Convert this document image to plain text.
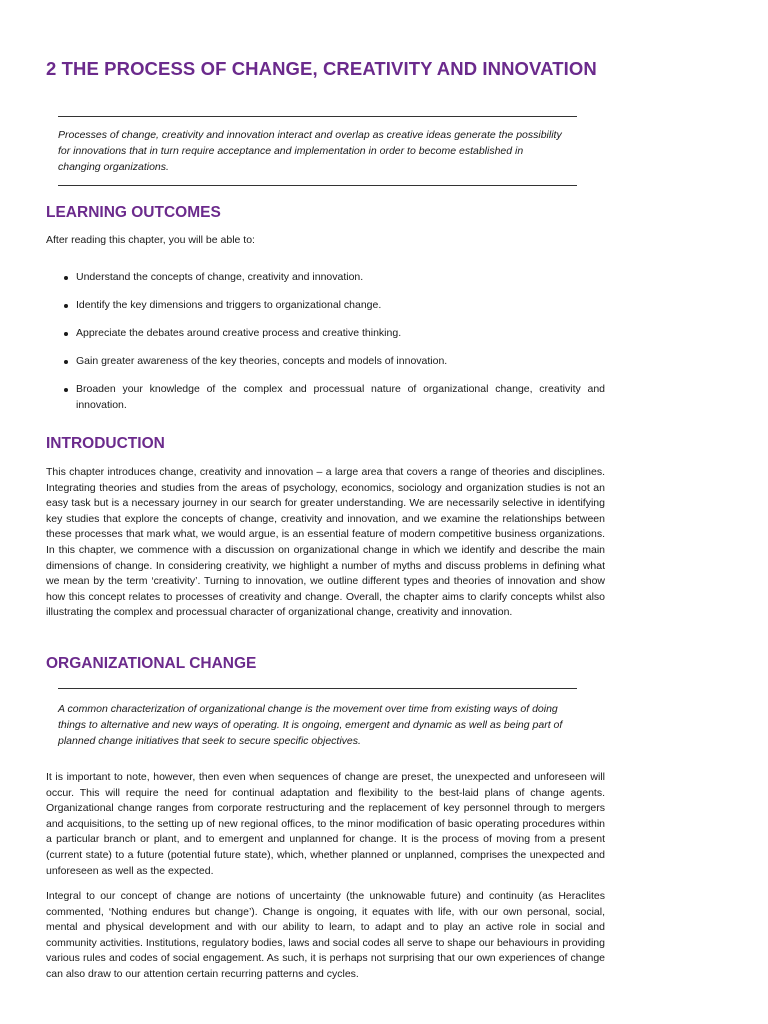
2 THE PROCESS OF CHANGE, CREATIVITY AND INNOVATION

Processes of change, creativity and innovation interact and overlap as creative ideas generate the possibility for innovations that in turn require acceptance and implementation in order to become established in changing organizations.

LEARNING OUTCOMES

After reading this chapter, you will be able to:

Understand the concepts of change, creativity and innovation.
Identify the key dimensions and triggers to organizational change.
Appreciate the debates around creative process and creative thinking.
Gain greater awareness of the key theories, concepts and models of innovation.
Broaden your knowledge of the complex and processual nature of organizational change, creativity and innovation.
INTRODUCTION

This chapter introduces change, creativity and innovation – a large area that covers a range of theories and disciplines. Integrating theories and studies from the areas of psychology, economics, sociology and organization studies is not an easy task but is a necessary journey in our search for greater understanding. We are necessarily selective in identifying key studies that explore the concepts of change, creativity and innovation, and we examine the relationships between these processes that mark what, we would argue, is an essential feature of modern competitive business organizations. In this chapter, we commence with a discussion on organizational change in which we identify and describe the main dimensions of change. In considering creativity, we highlight a number of myths and discuss problems in defining what we mean by the term ‘creativity’. Turning to innovation, we outline different types and theories of innovation and show how this concept relates to processes of creativity and change. Overall, the chapter aims to clarify concepts whilst also illustrating the complex and processual character of organizational change, creativity and innovation.

ORGANIZATIONAL CHANGE

A common characterization of organizational change is the movement over time from existing ways of doing things to alternative and new ways of operating. It is ongoing, emergent and dynamic as well as being part of planned change initiatives that seek to secure specific objectives.

It is important to note, however, then even when sequences of change are preset, the unexpected and unforeseen will occur. This will require the need for continual adaptation and flexibility to the best-laid plans of change agents. Organizational change ranges from corporate restructuring and the replacement of key personnel through to mergers and acquisitions, to the setting up of new regional offices, to the minor modification of basic operating procedures within a particular branch or plant, and to emergent and unplanned for change. It is the process of moving from a present (current state) to a future (potential future state), which, whether planned or unplanned, comprises the unexpected and unforeseen as well as the expected.

Integral to our concept of change are notions of uncertainty (the unknowable future) and continuity (as Heraclites commented, ‘Nothing endures but change’). Change is ongoing, it equates with life, with our own personal, social, mental and physical development and with our ability to learn, to adapt and to play an active role in social and community activities. Institutions, regulatory bodies, laws and social codes all serve to shape our behaviours in providing various rules and codes of social engagement. As such, it is perhaps not surprising that our own experiences of change can also draw to our attention certain recurring patterns and cycles.
